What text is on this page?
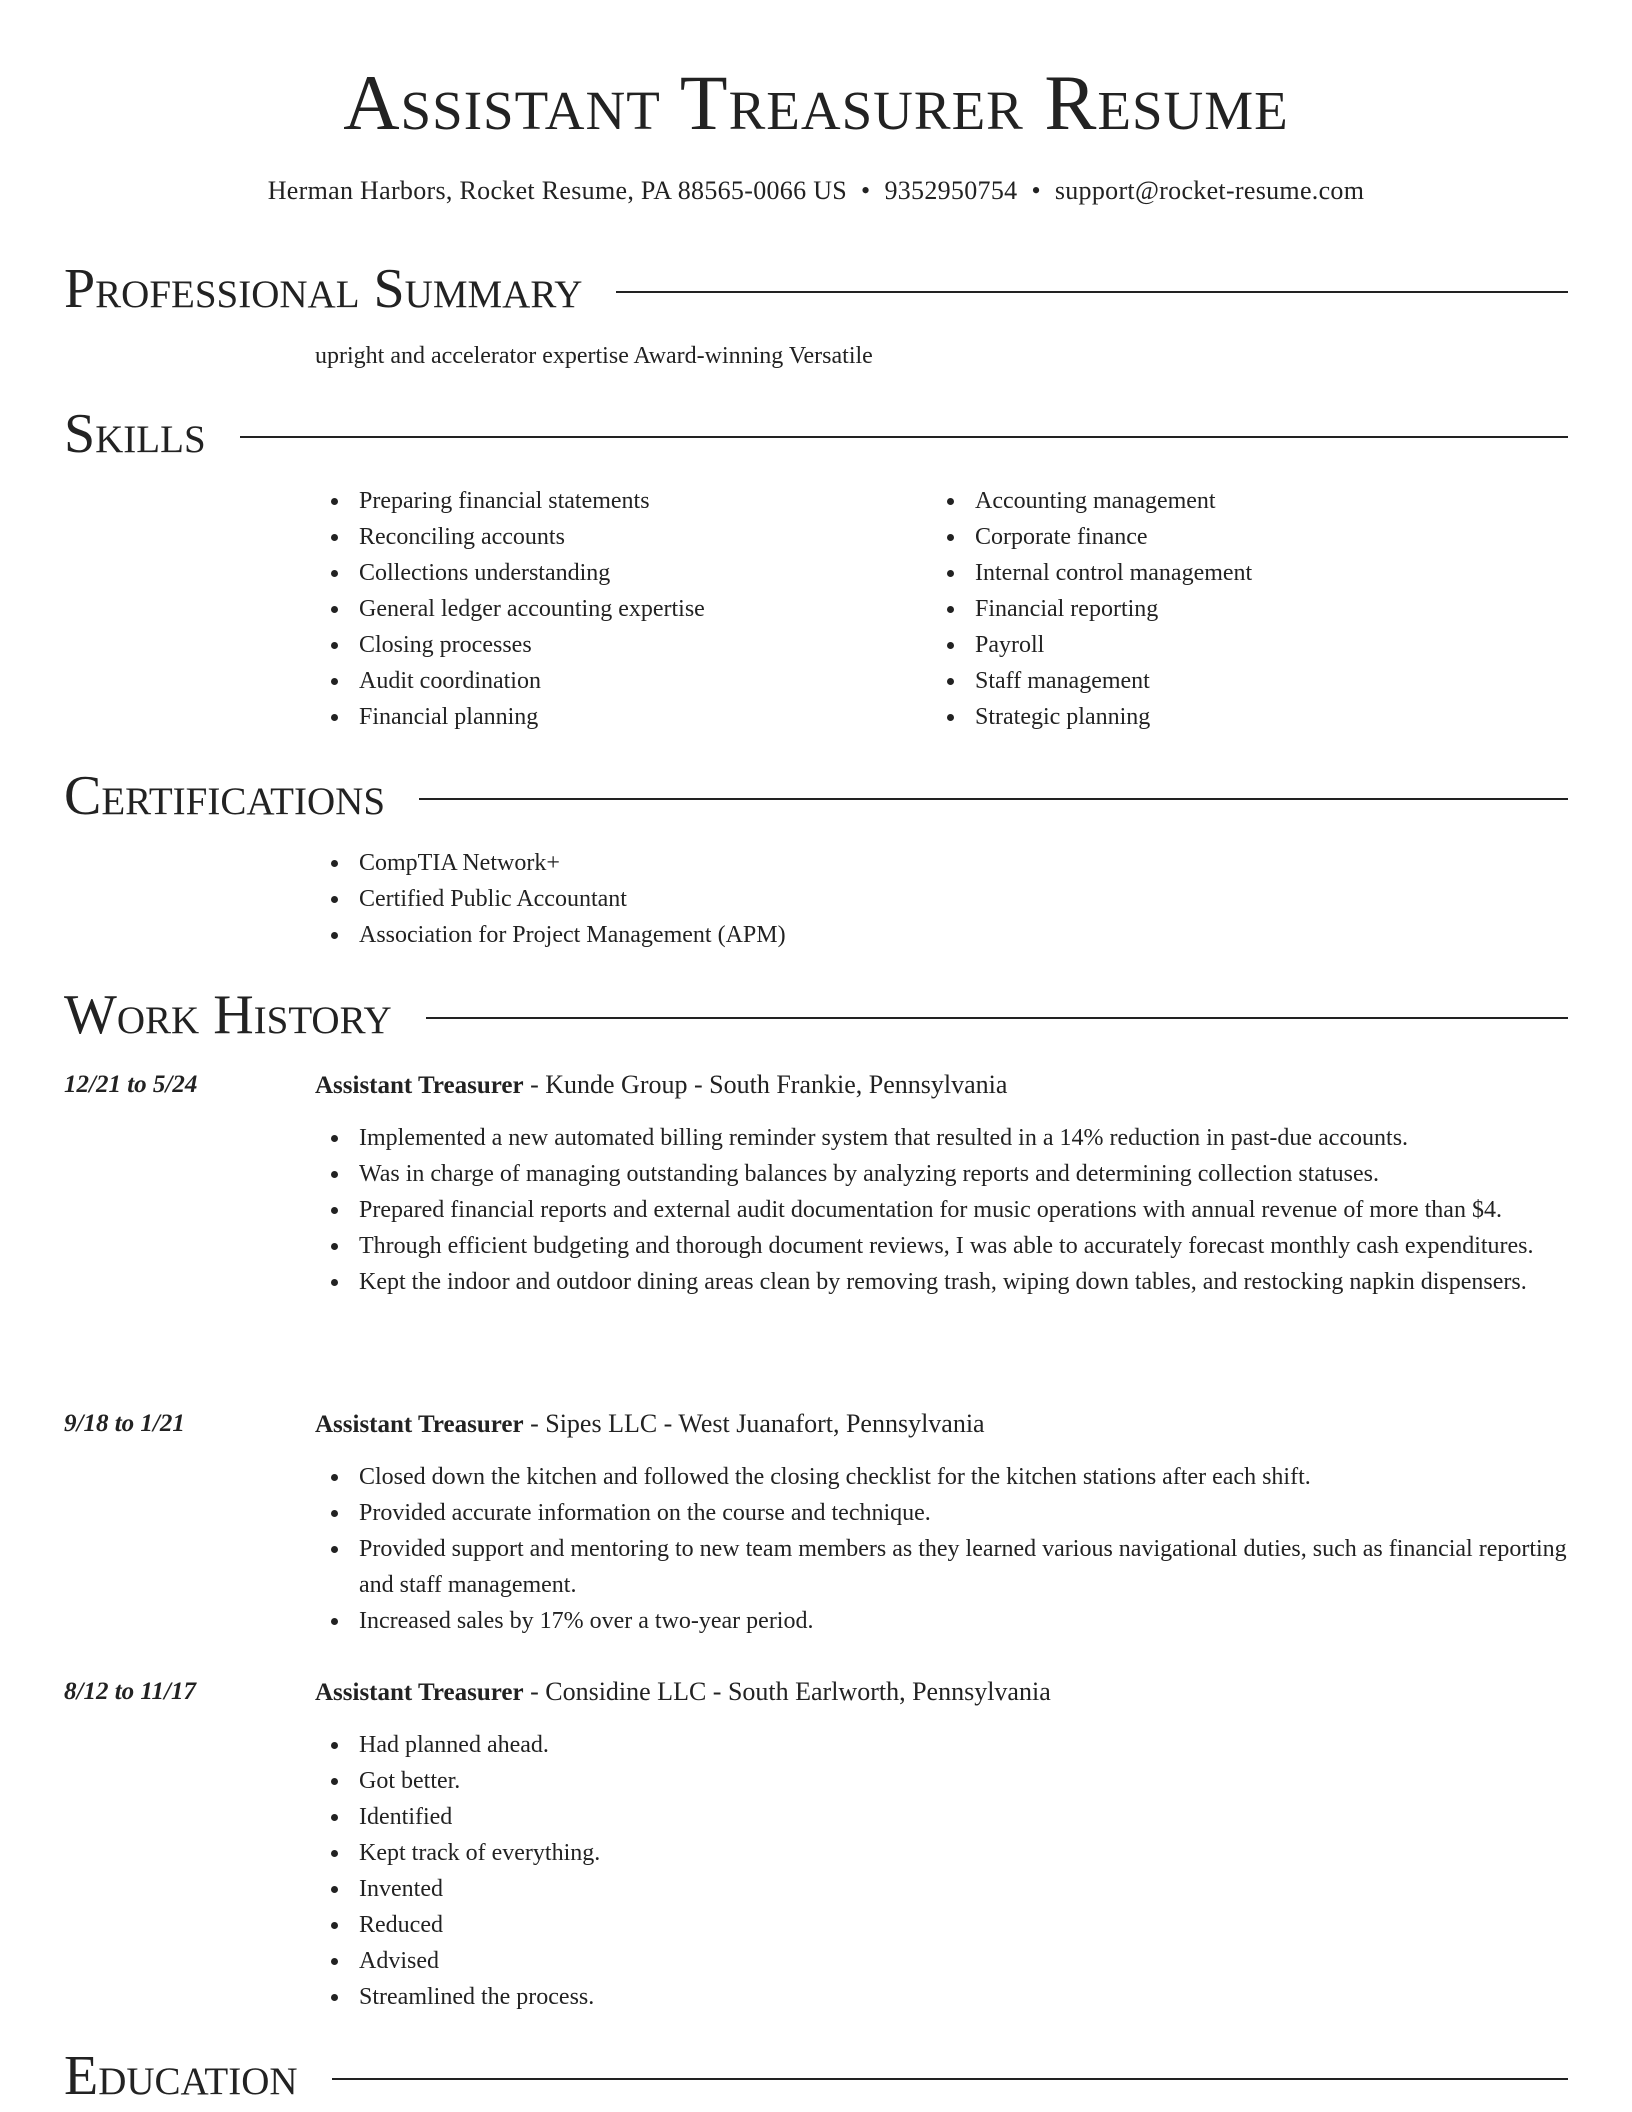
Assistant Treasurer Resume
Herman Harbors, Rocket Resume, PA 88565-0066 US • 9352950754 • support@rocket-resume.com
Professional Summary
upright and accelerator expertise Award-winning Versatile
Skills
Preparing financial statements
Reconciling accounts
Collections understanding
General ledger accounting expertise
Closing processes
Audit coordination
Financial planning
Accounting management
Corporate finance
Internal control management
Financial reporting
Payroll
Staff management
Strategic planning
Certifications
CompTIA Network+
Certified Public Accountant
Association for Project Management (APM)
Work History
12/21 to 5/24	Assistant Treasurer - Kunde Group - South Frankie, Pennsylvania
Implemented a new automated billing reminder system that resulted in a 14% reduction in past-due accounts.
Was in charge of managing outstanding balances by analyzing reports and determining collection statuses.
Prepared financial reports and external audit documentation for music operations with annual revenue of more than $4.
Through efficient budgeting and thorough document reviews, I was able to accurately forecast monthly cash expenditures.
Kept the indoor and outdoor dining areas clean by removing trash, wiping down tables, and restocking napkin dispensers.
9/18 to 1/21	Assistant Treasurer - Sipes LLC - West Juanafort, Pennsylvania
Closed down the kitchen and followed the closing checklist for the kitchen stations after each shift.
Provided accurate information on the course and technique.
Provided support and mentoring to new team members as they learned various navigational duties, such as financial reporting and staff management.
Increased sales by 17% over a two-year period.
8/12 to 11/17	Assistant Treasurer - Considine LLC - South Earlworth, Pennsylvania
Had planned ahead.
Got better.
Identified
Kept track of everything.
Invented
Reduced
Advised
Streamlined the process.
Education
